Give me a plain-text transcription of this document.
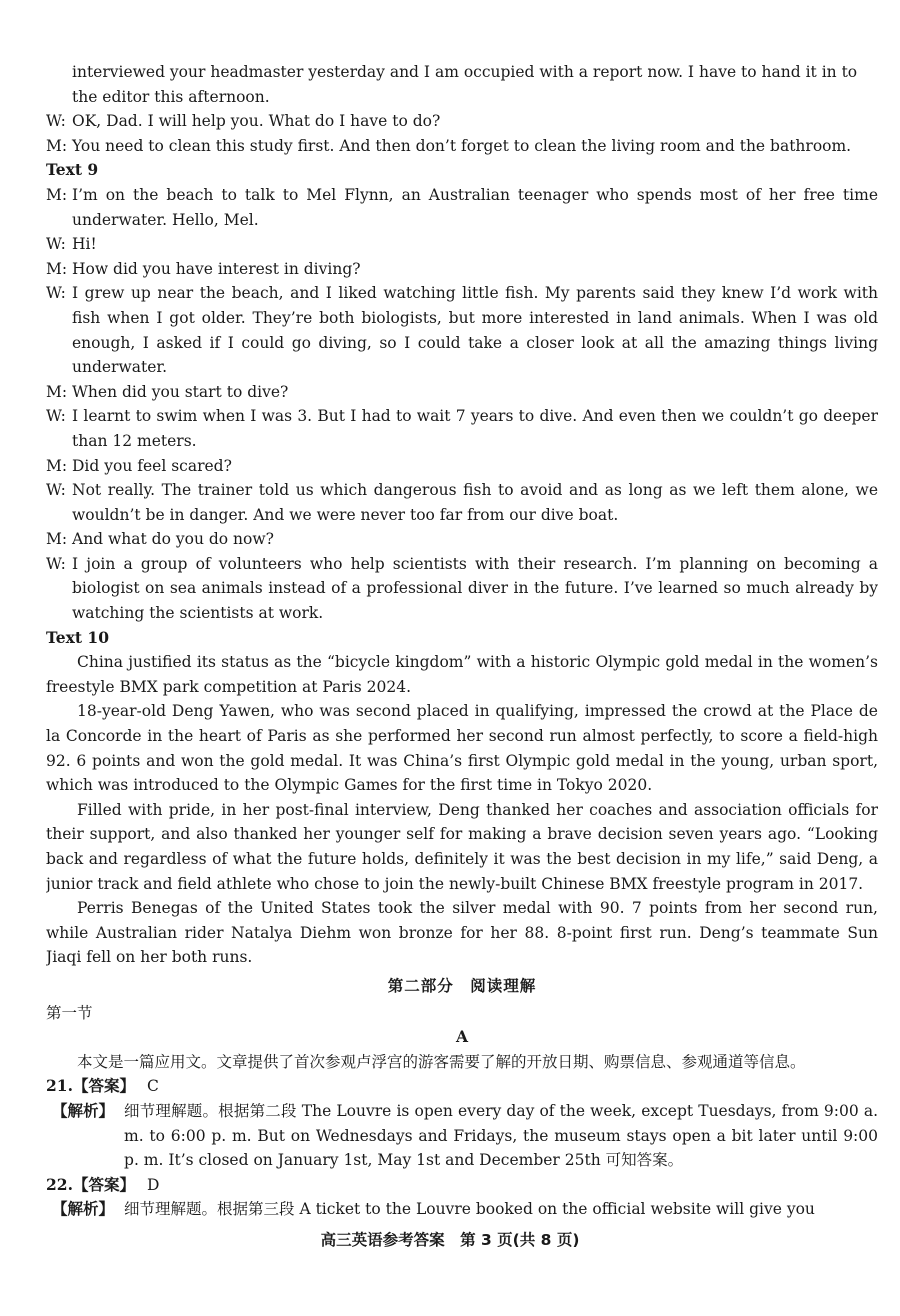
interviewed your headmaster yesterday and I am occupied with a report now. I have to hand it in to the editor this afternoon.
W: OK, Dad. I will help you. What do I have to do?
M: You need to clean this study first. And then don’t forget to clean the living room and the bathroom.
Text 9
M: I’m on the beach to talk to Mel Flynn, an Australian teenager who spends most of her free time underwater. Hello, Mel.
W: Hi!
M: How did you have interest in diving?
W: I grew up near the beach, and I liked watching little fish. My parents said they knew I’d work with fish when I got older. They’re both biologists, but more interested in land animals. When I was old enough, I asked if I could go diving, so I could take a closer look at all the amazing things living underwater.
M: When did you start to dive?
W: I learnt to swim when I was 3. But I had to wait 7 years to dive. And even then we couldn’t go deeper than 12 meters.
M: Did you feel scared?
W: Not really. The trainer told us which dangerous fish to avoid and as long as we left them alone, we wouldn’t be in danger. And we were never too far from our dive boat.
M: And what do you do now?
W: I join a group of volunteers who help scientists with their research. I’m planning on becoming a biologist on sea animals instead of a professional diver in the future. I’ve learned so much already by watching the scientists at work.
Text 10
China justified its status as the “bicycle kingdom” with a historic Olympic gold medal in the women’s freestyle BMX park competition at Paris 2024.
18-year-old Deng Yawen, who was second placed in qualifying, impressed the crowd at the Place de la Concorde in the heart of Paris as she performed her second run almost perfectly, to score a field-high 92. 6 points and won the gold medal. It was China’s first Olympic gold medal in the young, urban sport, which was introduced to the Olympic Games for the first time in Tokyo 2020.
Filled with pride, in her post-final interview, Deng thanked her coaches and association officials for their support, and also thanked her younger self for making a brave decision seven years ago. “Looking back and regardless of what the future holds, definitely it was the best decision in my life,” said Deng, a junior track and field athlete who chose to join the newly-built Chinese BMX freestyle program in 2017.
Perris Benegas of the United States took the silver medal with 90. 7 points from her second run, while Australian rider Natalya Diehm won bronze for her 88. 8-point first run. Deng’s teammate Sun Jiaqi fell on her both runs.
第二部分　阅读理解
第一节
A
本文是一篇应用文。文章提供了首次参观卢浮宫的游客需要了解的开放日期、购票信息、参观通道等信息。
21.【答案】 C
【解析】 细节理解题。根据第二段 The Louvre is open every day of the week, except Tuesdays, from 9:00 a. m. to 6:00 p. m. But on Wednesdays and Fridays, the museum stays open a bit later until 9:00 p. m. It’s closed on January 1st, May 1st and December 25th 可知答案。
22.【答案】 D
【解析】 细节理解题。根据第三段 A ticket to the Louvre booked on the official website will give you
高三英语参考答案　第 3 页(共 8 页)
